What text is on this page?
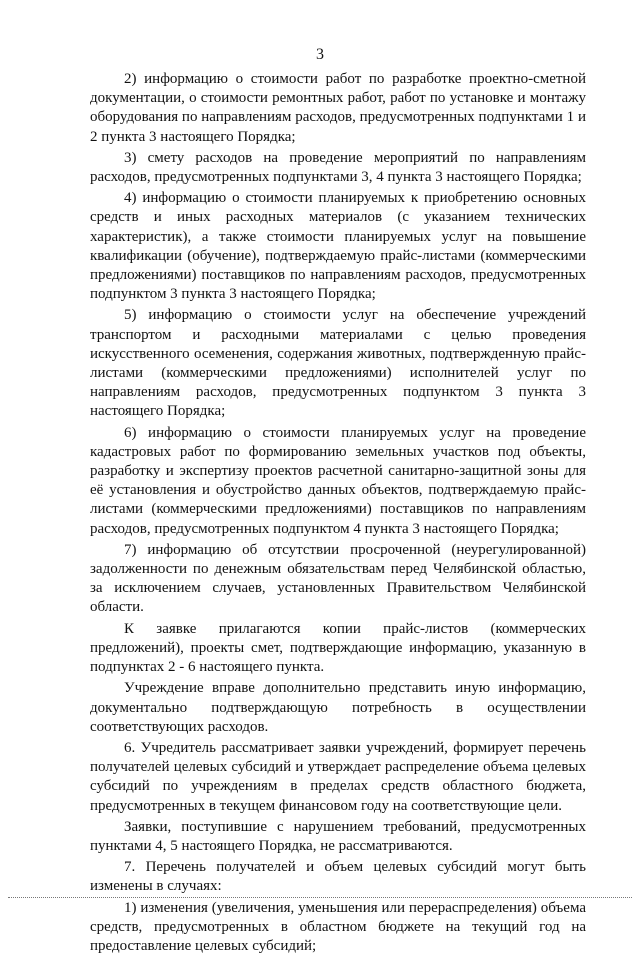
3

2) информацию о стоимости работ по разработке проектно-сметной документации, о стоимости ремонтных работ, работ по установке и монтажу оборудования по направлениям расходов, предусмотренных подпунктами 1 и 2 пункта 3 настоящего Порядка;

3) смету расходов на проведение мероприятий по направлениям расходов, предусмотренных подпунктами 3, 4 пункта 3 настоящего Порядка;

4) информацию о стоимости планируемых к приобретению основных средств и иных расходных материалов (с указанием технических характеристик), а также стоимости планируемых услуг на повышение квалификации (обучение), подтверждаемую прайс-листами (коммерческими предложениями) поставщиков по направлениям расходов, предусмотренных подпунктом 3 пункта 3 настоящего Порядка;

5) информацию о стоимости услуг на обеспечение учреждений транспортом и расходными материалами с целью проведения искусственного осеменения, содержания животных, подтвержденную прайс-листами (коммерческими предложениями) исполнителей услуг по направлениям расходов, предусмотренных подпунктом 3 пункта 3 настоящего Порядка;

6) информацию о стоимости планируемых услуг на проведение кадастровых работ по формированию земельных участков под объекты, разработку и экспертизу проектов расчетной санитарно-защитной зоны для её установления и обустройство данных объектов, подтверждаемую прайс-листами (коммерческими предложениями) поставщиков по направлениям расходов, предусмотренных подпунктом 4 пункта 3 настоящего Порядка;

7) информацию об отсутствии просроченной (неурегулированной) задолженности по денежным обязательствам перед Челябинской областью, за исключением случаев, установленных Правительством Челябинской области.

К заявке прилагаются копии прайс-листов (коммерческих предложений), проекты смет, подтверждающие информацию, указанную в подпунктах 2 - 6 настоящего пункта.

Учреждение вправе дополнительно представить иную информацию, документально подтверждающую потребность в осуществлении соответствующих расходов.

6. Учредитель рассматривает заявки учреждений, формирует перечень получателей целевых субсидий и утверждает распределение объема целевых субсидий по учреждениям в пределах средств областного бюджета, предусмотренных в текущем финансовом году на соответствующие цели.

Заявки, поступившие с нарушением требований, предусмотренных пунктами 4, 5 настоящего Порядка, не рассматриваются.

7. Перечень получателей и объем целевых субсидий могут быть изменены в случаях:

1) изменения (увеличения, уменьшения или перераспределения) объема средств, предусмотренных в областном бюджете на текущий год на предоставление целевых субсидий;
